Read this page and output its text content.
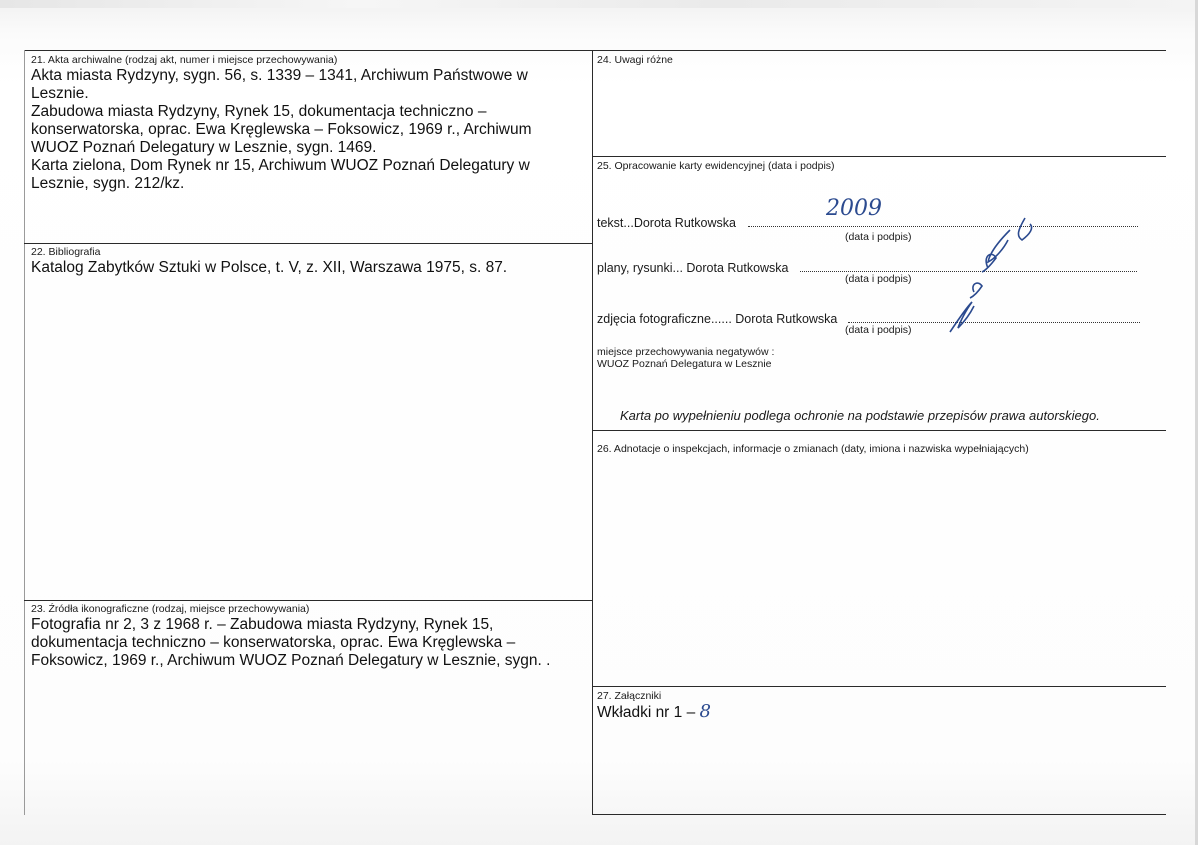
21. Akta archiwalne (rodzaj akt, numer i miejsce przechowywania)
Akta miasta Rydzyny, sygn. 56, s. 1339 – 1341, Archiwum Państwowe w Lesznie.
Zabudowa miasta Rydzyny, Rynek 15, dokumentacja techniczno – konserwatorska, oprac. Ewa Kręglewska – Foksowicz, 1969 r., Archiwum WUOZ Poznań Delegatury w Lesznie, sygn. 1469.
Karta zielona, Dom Rynek nr 15, Archiwum WUOZ Poznań Delegatury w Lesznie, sygn. 212/kz.
22. Bibliografia
Katalog Zabytków Sztuki w Polsce, t. V, z. XII, Warszawa 1975, s. 87.
23. Źródła ikonograficzne (rodzaj, miejsce przechowywania)
Fotografia nr 2, 3 z 1968 r. – Zabudowa miasta Rydzyny, Rynek 15, dokumentacja techniczno – konserwatorska, oprac. Ewa Kręglewska – Foksowicz, 1969 r., Archiwum WUOZ Poznań Delegatury w Lesznie, sygn. .
24. Uwagi różne
25. Opracowanie karty ewidencyjnej (data i podpis)
tekst...Dorota Rutkowska
(data i podpis)
plany, rysunki... Dorota Rutkowska
(data i podpis)
zdjęcia fotograficzne...... Dorota Rutkowska
(data i podpis)
2009
miejsce przechowywania negatywów :
WUOZ Poznań Delegatura w Lesznie
Karta po wypełnieniu podlega ochronie na podstawie przepisów prawa autorskiego.
26. Adnotacje o inspekcjach, informacje o zmianach (daty, imiona i nazwiska wypełniających)
27. Załączniki
Wkładki nr 1 – 8
